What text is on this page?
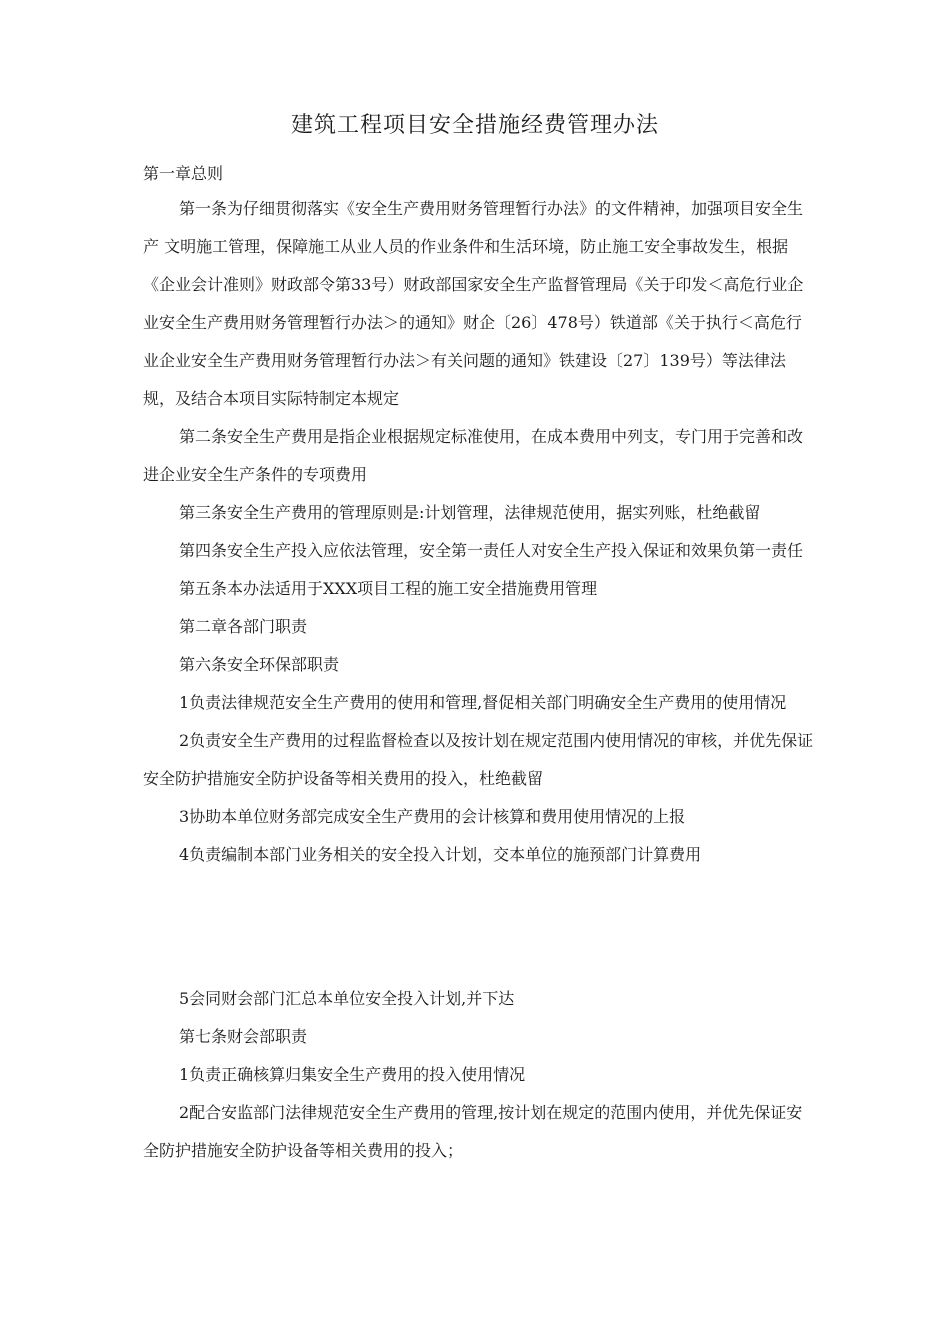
建筑工程项目安全措施经费管理办法
第一章总则

第一条为仔细贯彻落实《安全生产费用财务管理暂行办法》的文件精神，加强项目安全生产 文明施工管理，保障施工从业人员的作业条件和生活环境，防止施工安全事故发生，根据《企业会计准则》财政部令第33号）财政部国家安全生产监督管理局《关于印发＜高危行业企业安全生产费用财务管理暂行办法＞的通知》财企〔26〕478号）铁道部《关于执行＜高危行业企业安全生产费用财务管理暂行办法＞有关问题的通知》铁建设〔27〕139号）等法律法规，及结合本项目实际特制定本规定

第二条安全生产费用是指企业根据规定标准使用，在成本费用中列支，专门用于完善和改进企业安全生产条件的专项费用

第三条安全生产费用的管理原则是:计划管理，法律规范使用，据实列账，杜绝截留

第四条安全生产投入应依法管理，安全第一责任人对安全生产投入保证和效果负第一责任

第五条本办法适用于XXX项目工程的施工安全措施费用管理

第二章各部门职责

第六条安全环保部职责

1负责法律规范安全生产费用的使用和管理,督促相关部门明确安全生产费用的使用情况

2负责安全生产费用的过程监督检查以及按计划在规定范围内使用情况的审核，并优先保证安全防护措施安全防护设备等相关费用的投入，杜绝截留

3协助本单位财务部完成安全生产费用的会计核算和费用使用情况的上报

4负责编制本部门业务相关的安全投入计划，交本单位的施预部门计算费用

5会同财会部门汇总本单位安全投入计划,并下达

第七条财会部职责

1负责正确核算归集安全生产费用的投入使用情况

2配合安监部门法律规范安全生产费用的管理,按计划在规定的范围内使用，并优先保证安全防护措施安全防护设备等相关费用的投入；
